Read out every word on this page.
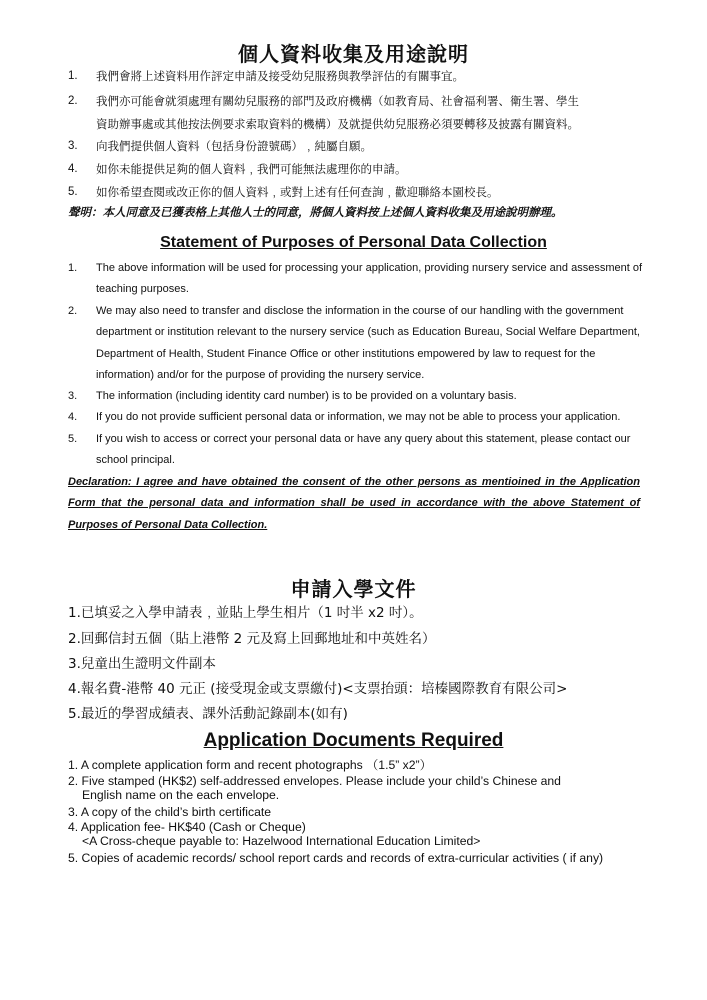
個人資料收集及用途說明
1. 我們會將上述資料用作評定申請及接受幼兒服務與教學評估的有關事宜。
2. 我們亦可能會就須處理有關幼兒服務的部門及政府機構（如教育局、社會福利署、衛生署、學生
資助辦事處或其他按法例要求索取資料的機構）及就提供幼兒服務必須要轉移及披露有關資料。
3. 向我們提供個人資料（包括身份證號碼）﹐純屬自願。
4. 如你未能提供足夠的個人資料﹐我們可能無法處理你的申請。
5. 如你希望查閱或改正你的個人資料﹐或對上述有任何查詢﹐歡迎聯絡本園校長。
聲明：本人同意及已獲表格上其他人士的同意，將個人資料按上述個人資料收集及用途說明辦理。
Statement of Purposes of Personal Data Collection
1. The above information will be used for processing your application, providing nursery service and assessment of teaching purposes.
2. We may also need to transfer and disclose the information in the course of our handling with the government department or institution relevant to the nursery service (such as Education Bureau, Social Welfare Department, Department of Health, Student Finance Office or other institutions empowered by law to request for the information) and/or for the purpose of providing the nursery service.
3. The information (including identity card number) is to be provided on a voluntary basis.
4. If you do not provide sufficient personal data or information, we may not be able to process your application.
5. If you wish to access or correct your personal data or have any query about this statement, please contact our school principal.
Declaration: I agree and have obtained the consent of the other persons as mentioined in the Application Form that the personal data and information shall be used in accordance with the above Statement of Purposes of Personal Data Collection.
申請入學文件
1.已填妥之入學申請表﹐並貼上學生相片（1 吋半 x2 吋）。
2.回郵信封五個（貼上港幣 2 元及寫上回郵地址和中英姓名）
3.兒童出生證明文件副本
4.報名費-港幣 40 元正 (接受現金或支票繳付)<支票抬頭：培榛國際教育有限公司>
5.最近的學習成績表、課外活動記錄副本(如有)
Application Documents Required
1. A complete application form and recent photographs （1.5” x2”）
2. Five stamped (HK$2) self-addressed envelopes. Please include your child’s Chinese and
English name on the each envelope.
3. A copy of the child’s birth certificate
4. Application fee- HK$40 (Cash or Cheque)
<A Cross-cheque payable to: Hazelwood International Education Limited>
5. Copies of academic records/ school report cards and records of extra-curricular activities ( if any)
